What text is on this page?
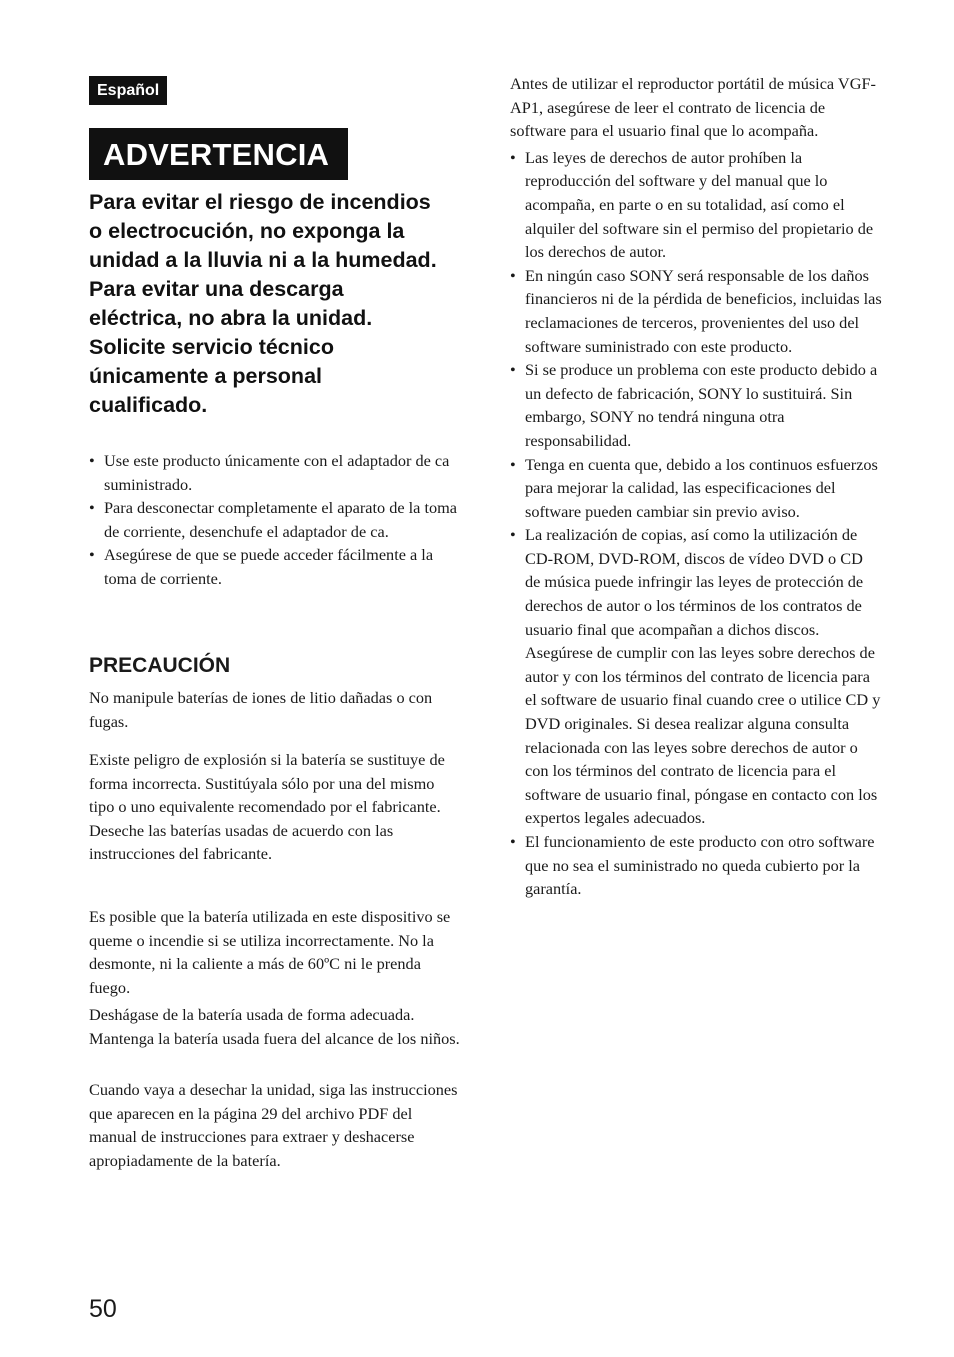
Español
ADVERTENCIA

Para evitar el riesgo de incendios
o electrocución, no exponga la
unidad a la lluvia ni a la humedad.
Para evitar una descarga
eléctrica, no abra la unidad.
Solicite servicio técnico
únicamente a personal
cualificado.

• Use este producto únicamente con el adaptador de ca suministrado.
• Para desconectar completamente el aparato de la toma de corriente, desenchufe el adaptador de ca.
• Asegúrese de que se puede acceder fácilmente a la toma de corriente.
PRECAUCIÓN

No manipule baterías de iones de litio dañadas o con fugas.

Existe peligro de explosión si la batería se sustituye de forma incorrecta. Sustitúyala sólo por una del mismo tipo o uno equivalente recomendado por el fabricante. Deseche las baterías usadas de acuerdo con las instrucciones del fabricante.

Es posible que la batería utilizada en este dispositivo se queme o incendie si se utiliza incorrectamente. No la desmonte, ni la caliente a más de 60ºC ni le prenda fuego.

Deshágase de la batería usada de forma adecuada. Mantenga la batería usada fuera del alcance de los niños.

Cuando vaya a desechar la unidad, siga las instrucciones que aparecen en la página 29 del archivo PDF del manual de instrucciones para extraer y deshacerse apropiadamente de la batería.

Antes de utilizar el reproductor portátil de música VGF-AP1, asegúrese de leer el contrato de licencia de software para el usuario final que lo acompaña.

• Las leyes de derechos de autor prohíben la reproducción del software y del manual que lo acompaña, en parte o en su totalidad, así como el alquiler del software sin el permiso del propietario de los derechos de autor.
• En ningún caso SONY será responsable de los daños financieros ni de la pérdida de beneficios, incluidas las reclamaciones de terceros, provenientes del uso del software suministrado con este producto.
• Si se produce un problema con este producto debido a un defecto de fabricación, SONY lo sustituirá. Sin embargo, SONY no tendrá ninguna otra responsabilidad.
• Tenga en cuenta que, debido a los continuos esfuerzos para mejorar la calidad, las especificaciones del software pueden cambiar sin previo aviso.
• La realización de copias, así como la utilización de CD-ROM, DVD-ROM, discos de vídeo DVD o CD de música puede infringir las leyes de protección de derechos de autor o los términos de los contratos de usuario final que acompañan a dichos discos. Asegúrese de cumplir con las leyes sobre derechos de autor y con los términos del contrato de licencia para el software de usuario final cuando cree o utilice CD y DVD originales. Si desea realizar alguna consulta relacionada con las leyes sobre derechos de autor o con los términos del contrato de licencia para el software de usuario final, póngase en contacto con los expertos legales adecuados.
• El funcionamiento de este producto con otro software que no sea el suministrado no queda cubierto por la garantía.
50
